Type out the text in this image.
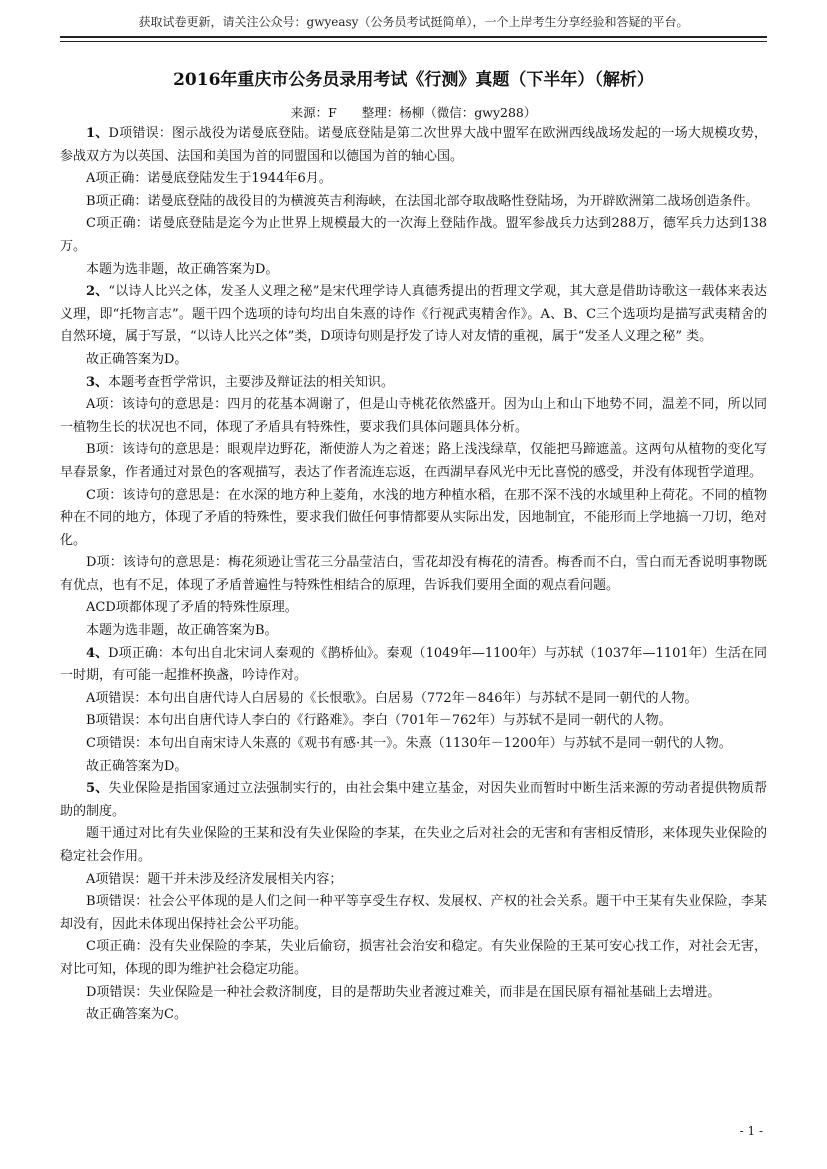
获取试卷更新，请关注公众号：gwyeasy（公务员考试挺简单），一个上岸考生分享经验和答疑的平台。
2016年重庆市公务员录用考试《行测》真题（下半年）（解析）
来源：F　　整理：杨柳（微信：gwy288）

1、D项错误：图示战役为诺曼底登陆。诺曼底登陆是第二次世界大战中盟军在欧洲西线战场发起的一场大规模攻势，参战双方为以英国、法国和美国为首的同盟国和以德国为首的轴心国。

A项正确：诺曼底登陆发生于1944年6月。

B项正确：诺曼底登陆的战役目的为横渡英吉利海峡，在法国北部夺取战略性登陆场，为开辟欧洲第二战场创造条件。

C项正确：诺曼底登陆是迄今为止世界上规模最大的一次海上登陆作战。盟军参战兵力达到288万，德军兵力达到138万。

本题为选非题，故正确答案为D。

2、“以诗人比兴之体，发圣人义理之秘”是宋代理学诗人真德秀提出的哲理文学观，其大意是借助诗歌这一载体来表达义理，即“托物言志”。题干四个选项的诗句均出自朱熹的诗作《行视武夷精舍作》。A、B、C三个选项均是描写武夷精舍的自然环境，属于写景，“以诗人比兴之体”类，D项诗句则是抒发了诗人对友情的重视，属于“发圣人义理之秘” 类。

故正确答案为D。

3、本题考查哲学常识，主要涉及辩证法的相关知识。

A项：该诗句的意思是：四月的花基本凋谢了，但是山寺桃花依然盛开。因为山上和山下地势不同，温差不同，所以同一植物生长的状况也不同，体现了矛盾具有特殊性，要求我们具体问题具体分析。

B项：该诗句的意思是：眼观岸边野花，渐使游人为之着迷；路上浅浅绿草，仅能把马蹄遮盖。这两句从植物的变化写早春景象，作者通过对景色的客观描写，表达了作者流连忘返，在西湖早春风光中无比喜悦的感受，并没有体现哲学道理。

C项：该诗句的意思是：在水深的地方种上菱角，水浅的地方种植水稻，在那不深不浅的水域里种上荷花。不同的植物种在不同的地方，体现了矛盾的特殊性，要求我们做任何事情都要从实际出发，因地制宜，不能形而上学地搞一刀切，绝对化。

D项：该诗句的意思是：梅花须逊让雪花三分晶莹洁白，雪花却没有梅花的清香。梅香而不白，雪白而无香说明事物既有优点，也有不足，体现了矛盾普遍性与特殊性相结合的原理，告诉我们要用全面的观点看问题。

ACD项都体现了矛盾的特殊性原理。

本题为选非题，故正确答案为B。

4、D项正确：本句出自北宋词人秦观的《鹊桥仙》。秦观（1049年—1100年）与苏轼（1037年—1101年）生活在同一时期，有可能一起推杯换盏，吟诗作对。

A项错误：本句出自唐代诗人白居易的《长恨歌》。白居易（772年－846年）与苏轼不是同一朝代的人物。

B项错误：本句出自唐代诗人李白的《行路难》。李白（701年－762年）与苏轼不是同一朝代的人物。

C项错误：本句出自南宋诗人朱熹的《观书有感·其一》。朱熹（1130年－1200年）与苏轼不是同一朝代的人物。

故正确答案为D。

5、失业保险是指国家通过立法强制实行的，由社会集中建立基金，对因失业而暂时中断生活来源的劳动者提供物质帮助的制度。

题干通过对比有失业保险的王某和没有失业保险的李某，在失业之后对社会的无害和有害相反情形，来体现失业保险的稳定社会作用。

A项错误：题干并未涉及经济发展相关内容；

B项错误：社会公平体现的是人们之间一种平等享受生存权、发展权、产权的社会关系。题干中王某有失业保险，李某却没有，因此未体现出保持社会公平功能。

C项正确：没有失业保险的李某，失业后偷窃，损害社会治安和稳定。有失业保险的王某可安心找工作，对社会无害，对比可知，体现的即为维护社会稳定功能。

D项错误：失业保险是一种社会救济制度，目的是帮助失业者渡过难关，而非是在国民原有福祉基础上去增进。

故正确答案为C。

- 1 -
